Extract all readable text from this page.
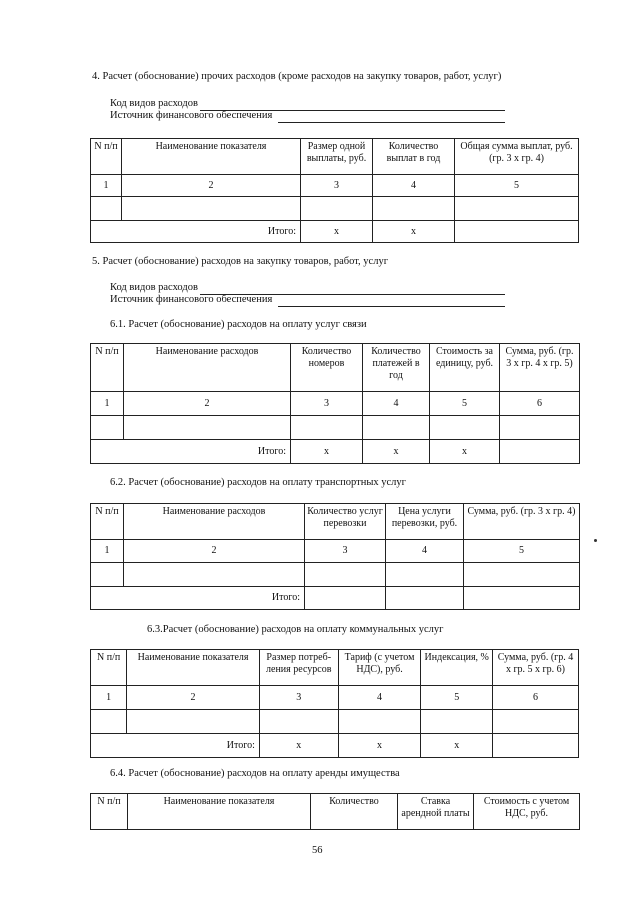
4. Расчет (обоснование) прочих расходов (кроме расходов на закупку товаров, работ, услуг)
Код видов расходов
Источник финансового обеспечения
N п/п	Наименование показателя	Размер одной выплаты, руб.	Количество выплат в год	Общая сумма выплат, руб. (гр. 3 х гр. 4)
1	2	3	4	5

Итого:		x	x	
5. Расчет (обоснование) расходов на закупку товаров, работ, услуг
Код видов расходов
Источник финансового обеспечения
6.1. Расчет (обоснование) расходов на оплату услуг связи
N п/п	Наименование расходов	Количество номеров	Количество платежей в год	Стоимость за единицу, руб.	Сумма, руб. (гр. 3 х гр. 4 х гр. 5)
1	2	3	4	5	6

Итого:		x	x	x	
6.2. Расчет (обоснование) расходов на оплату транспортных услуг
N п/п	Наименование расходов	Количество услуг перевозки	Цена услуги перевозки, руб.	Сумма, руб. (гр. 3 х гр. 4)
1	2	3	4	5

Итого:				
6.3.Расчет (обоснование) расходов на оплату коммунальных услуг
N п/п	Наименование показателя	Размер потреб-ления ресурсов	Тариф (с учетом НДС), руб.	Индексация, %	Сумма, руб. (гр. 4 х гр. 5 х гр. 6)
1	2	3	4	5	6

Итого:		x	x	x	
6.4. Расчет (обоснование) расходов на оплату аренды имущества
N п/п	Наименование показателя	Количество	Ставка арендной платы	Стоимость с учетом НДС, руб.
56
